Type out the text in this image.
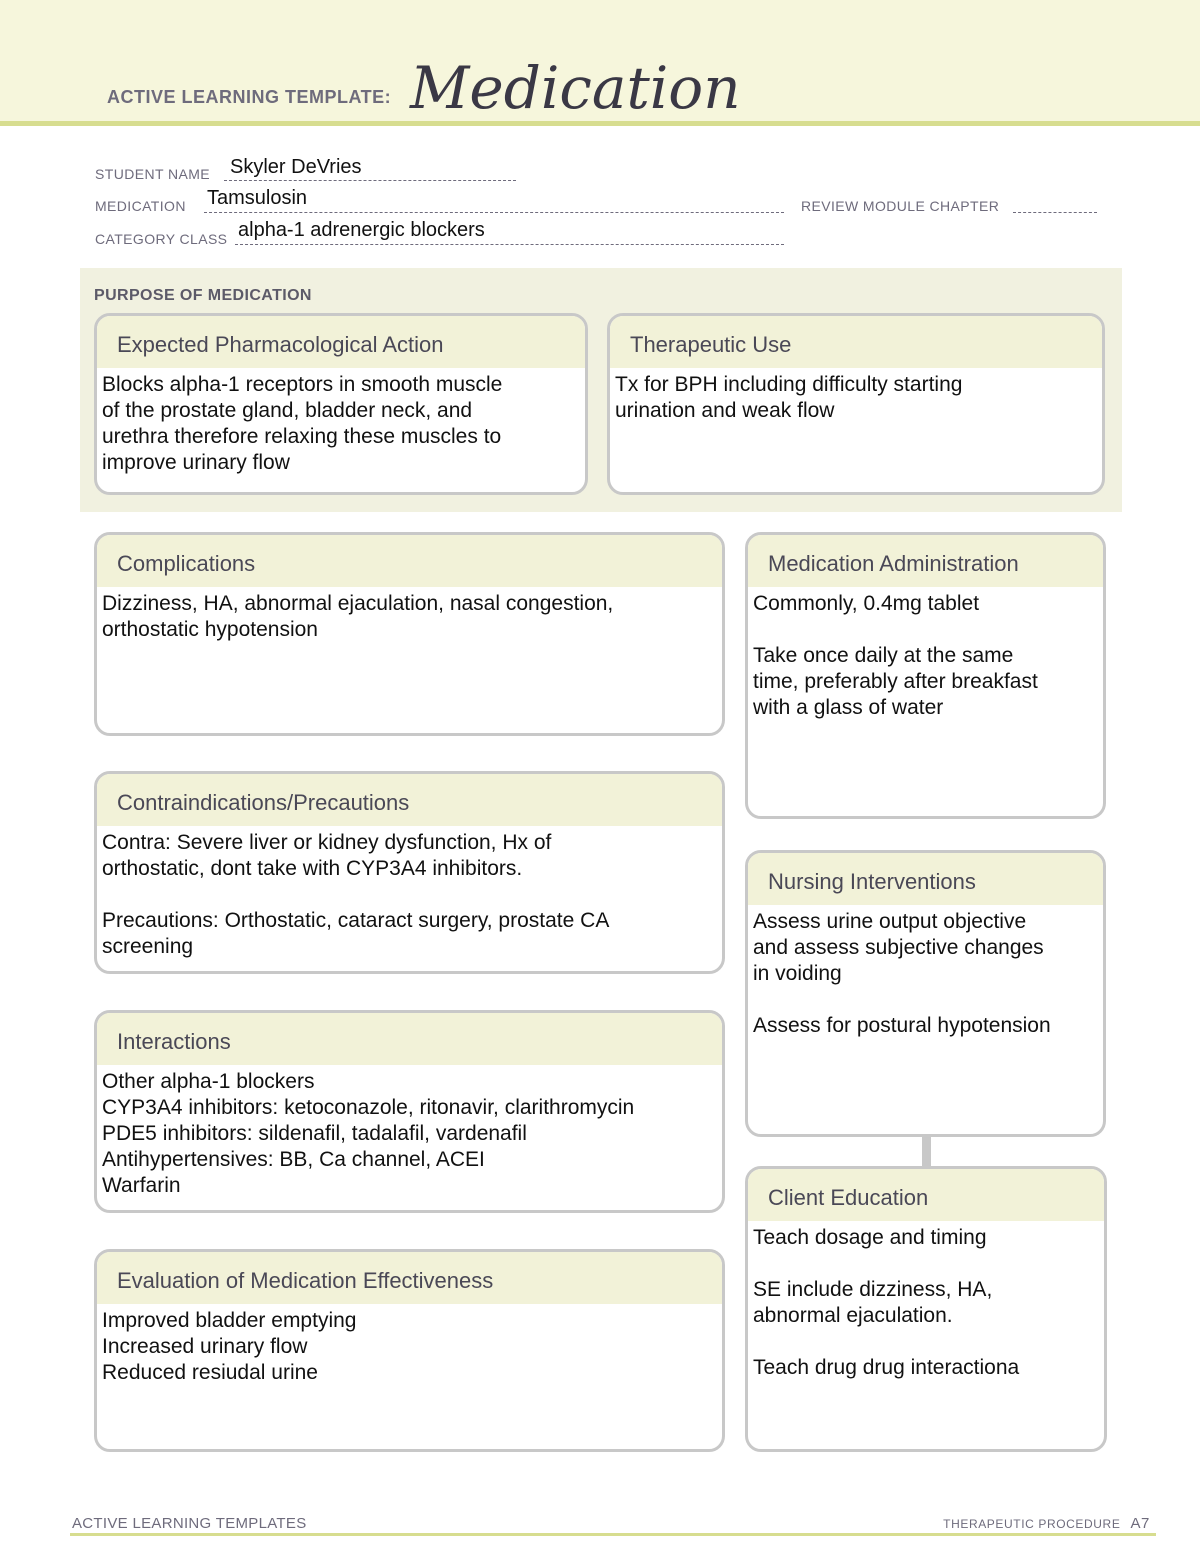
ACTIVE LEARNING TEMPLATE: Medication
STUDENT NAME Skyler DeVries
MEDICATION Tamsulosin	REVIEW MODULE CHAPTER
CATEGORY CLASS alpha-1 adrenergic blockers
PURPOSE OF MEDICATION
Expected Pharmacological Action
Blocks alpha-1 receptors in smooth muscle
of the prostate gland, bladder neck, and
urethra therefore relaxing these muscles to
improve urinary flow
Therapeutic Use
Tx for BPH including difficulty starting
urination and weak flow
Complications
Dizziness, HA, abnormal ejaculation, nasal congestion,
orthostatic hypotension
Contraindications/Precautions
Contra: Severe liver or kidney dysfunction, Hx of
orthostatic, dont take with CYP3A4 inhibitors.

Precautions: Orthostatic, cataract surgery, prostate CA
screening
Interactions
Other alpha-1 blockers
CYP3A4 inhibitors: ketoconazole, ritonavir, clarithromycin
PDE5 inhibitors: sildenafil, tadalafil, vardenafil
Antihypertensives: BB, Ca channel, ACEI
Warfarin
Evaluation of Medication Effectiveness
Improved bladder emptying
Increased urinary flow
Reduced resiudal urine
Medication Administration
Commonly, 0.4mg tablet

Take once daily at the same
time, preferably after breakfast
with a glass of water
Nursing Interventions
Assess urine output objective
and assess subjective changes
in voiding

Assess for postural hypotension
Client Education
Teach dosage and timing

SE include dizziness, HA,
abnormal ejaculation.

Teach drug drug interactiona
ACTIVE LEARNING TEMPLATES	THERAPEUTIC PROCEDURE A7
